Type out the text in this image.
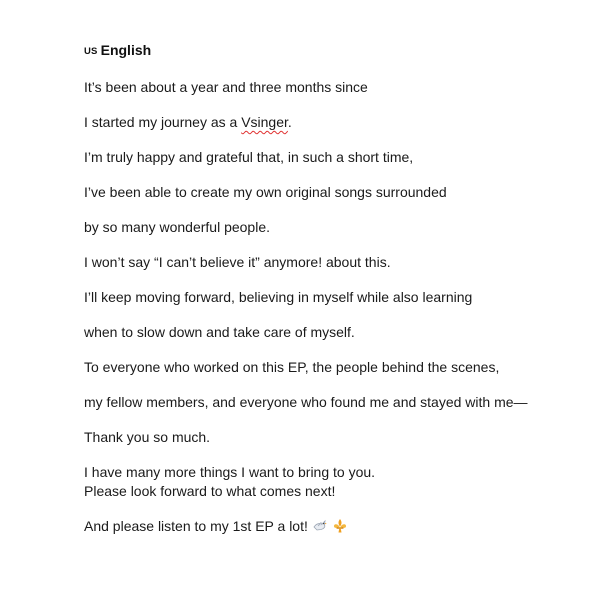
US English

It’s been about a year and three months since

I started my journey as a Vsinger.

I’m truly happy and grateful that, in such a short time,

I’ve been able to create my own original songs surrounded

by so many wonderful people.

I won’t say “I can’t believe it” anymore! about this.

I’ll keep moving forward, believing in myself while also learning

when to slow down and take care of myself.

To everyone who worked on this EP, the people behind the scenes,

my fellow members, and everyone who found me and stayed with me—

Thank you so much.

I have many more things I want to bring to you.
Please look forward to what comes next!

And please listen to my 1st EP a lot!
